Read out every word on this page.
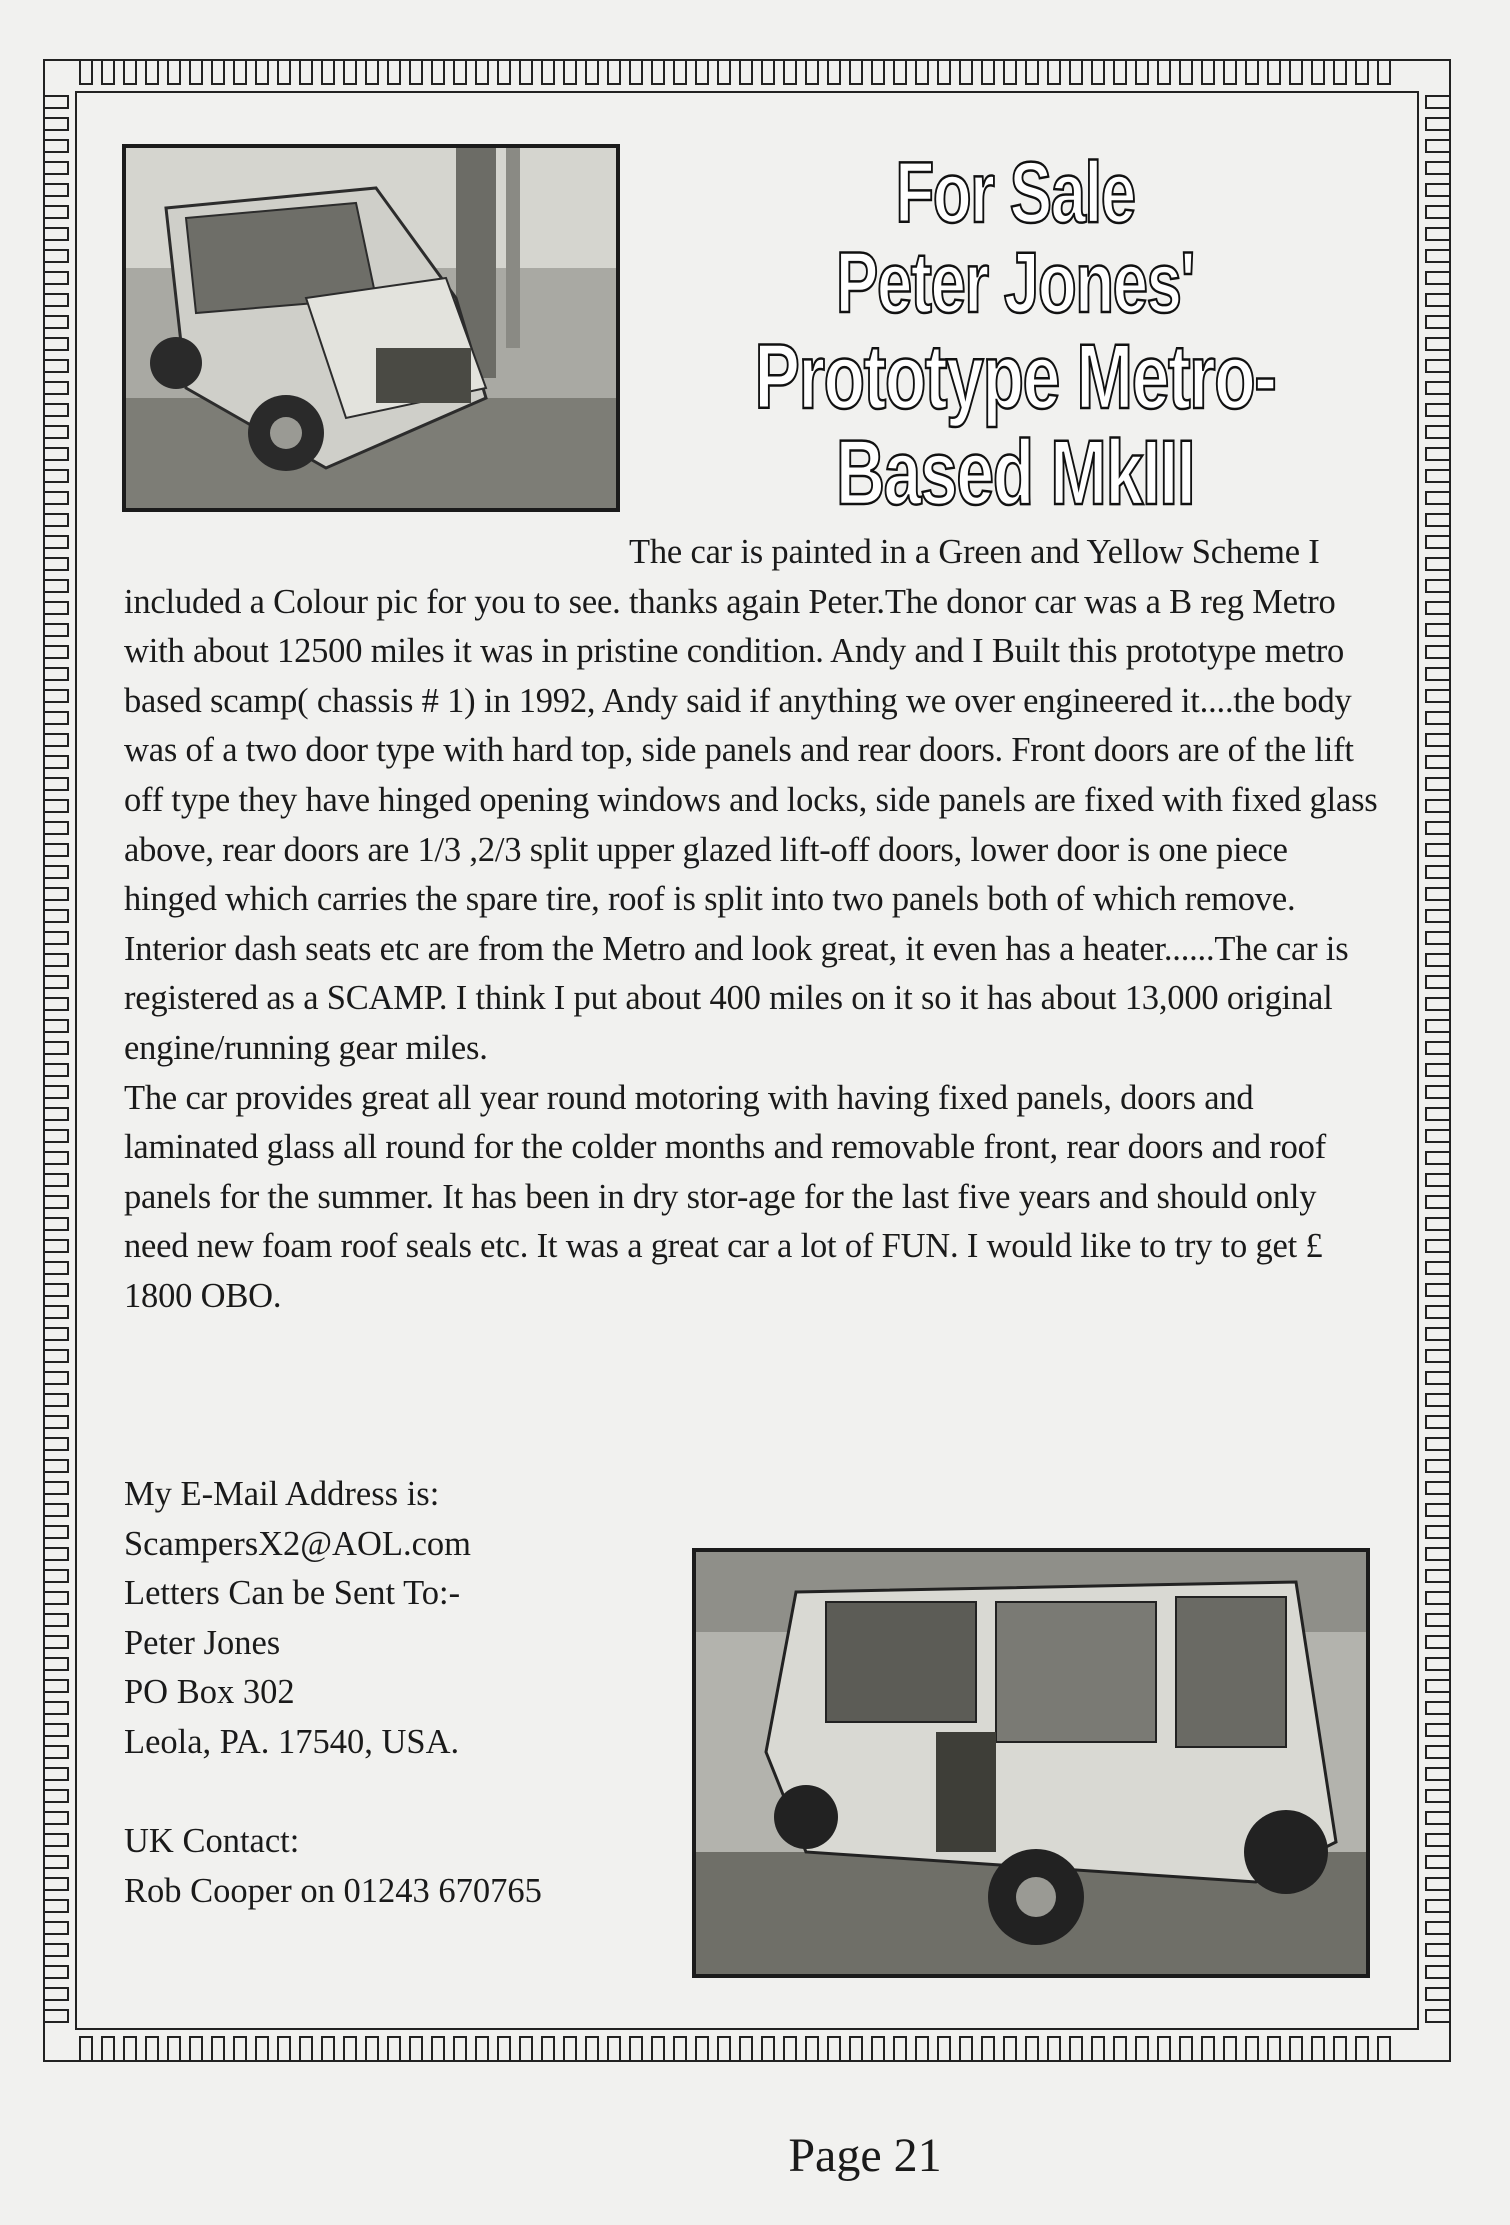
For Sale
Peter Jones'
Prototype Metro-Based MkIII

The car is painted in a Green and Yellow Scheme I included a Colour pic for you to see. thanks again Peter.The donor car was a B reg Metro with about 12500 miles it was in pristine condition. Andy and I Built this prototype metro based scamp( chassis # 1) in 1992, Andy said if anything we over engineered it....the body was of a two door type with hard top, side panels and rear doors. Front doors are of the lift off type they have hinged opening windows and locks, side panels are fixed with fixed glass above, rear doors are 1/3 ,2/3 split upper glazed lift-off doors, lower door is one piece hinged which carries the spare tire, roof is split into two panels both of which remove. Interior dash seats etc are from the Metro and look great, it even has a heater......The car is registered as a SCAMP. I think I put about 400 miles on it so it has about 13,000 original engine/running gear miles.

The car provides great all year round motoring with having fixed panels, doors and laminated glass all round for the colder months and removable front, rear doors and roof panels for the summer. It has been in dry stor-age for the last five years and should only need new foam roof seals etc. It was a great car a lot of FUN. I would like to try to get £ 1800 OBO.

My E-Mail Address is:
ScampersX2@AOL.com
Letters Can be Sent To:-
Peter Jones
PO Box 302
Leola, PA. 17540, USA.
UK Contact:
Rob Cooper on 01243 670765
Page 21
